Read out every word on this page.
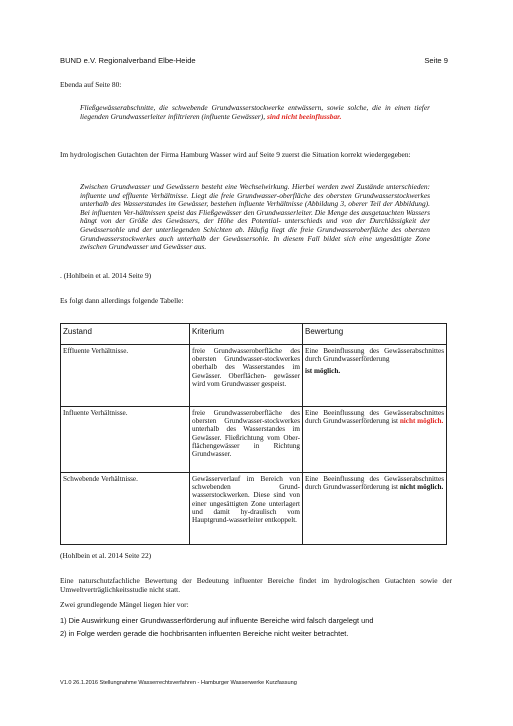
BUND e.V. Regionalverband Elbe-Heide	Seite 9
Ebenda auf Seite 80:
Fließgewässerabschnitte, die schwebende Grundwasserstockwerke entwässern, sowie solche, die in einen tiefer liegenden Grundwasserleiter infiltrieren (influente Gewässer), sind nicht beeinflussbar.
Im hydrologischen Gutachten der Firma Hamburg Wasser wird auf Seite 9 zuerst die Situation korrekt wiedergegeben:
Zwischen Grundwasser und Gewässern besteht eine Wechselwirkung. Hierbei werden zwei Zustände unterschieden: influente und effluente Verhältnisse. Liegt die freie Grundwasser-oberfläche des obersten Grundwasserstockwerkes unterhalb des Wasserstandes im Gewässer, bestehen influente Verhältnisse (Abbildung 3, oberer Teil der Abbildung). Bei influenten Ver-hältnissen speist das Fließgewässer den Grundwasserleiter. Die Menge des ausgetauchten Wassers hängt von der Größe des Gewässers, der Höhe des Potential- unterschieds und von der Durchlässigkeit der Gewässersohle und der unterliegenden Schichten ab. Häufig liegt die freie Grundwasseroberfläche des obersten Grundwasserstockwerkes auch unterhalb der Gewässersohle. In diesem Fall bildet sich eine ungesättigte Zone zwischen Grundwasser und Gewässer aus.
. (Hohlbein et al. 2014 Seite 9)
Es folgt dann allerdings folgende Tabelle:
Zustand	Kriterium	Bewertung
Effluente Verhältnisse.	freie Grundwasseroberfläche des obersten Grundwasser-stockwerkes oberhalb des Wasserstandes im Gewässer. Oberflächen- gewässer wird vom Grundwasser gespeist.	Eine Beeinflussung des Gewässerabschnittes durch Grundwasserförderung
ist möglich.
Influente Verhältnisse.	freie Grundwasseroberfläche des obersten Grundwasser-stockwerkes unterhalb des Wasserstandes im Gewässer. Fließrichtung vom Ober-flächengewässer in Richtung Grundwasser.	Eine Beeinflussung des Gewässerabschnittes durch Grundwasserförderung ist nicht möglich.
Schwebende Verhältnisse.	Gewässerverlauf im Bereich von schwebenden Grund-wasserstockwerken. Diese sind von einer ungesättigten Zone unterlagert und damit hy-draulisch vom Hauptgrund-wasserleiter entkoppelt.	Eine Beeinflussung des Gewässerabschnittes durch Grundwasserförderung ist nicht möglich.
(Hohlbein et al. 2014 Seite 22)
Eine naturschutzfachliche Bewertung der Bedeutung influenter Bereiche findet im hydrologischen Gutachten sowie der Umweltverträglichkeitsstudie nicht statt.
Zwei grundlegende Mängel liegen hier vor:
1) Die Auswirkung einer Grundwasserförderung auf influente Bereiche wird falsch dargelegt und
2) in Folge werden gerade die hochbrisanten influenten Bereiche nicht weiter betrachtet.
V1.0 26.1.2016 Stellungnahme Wasserrechtsverfahren - Hamburger Wasserwerke Kurzfassung
